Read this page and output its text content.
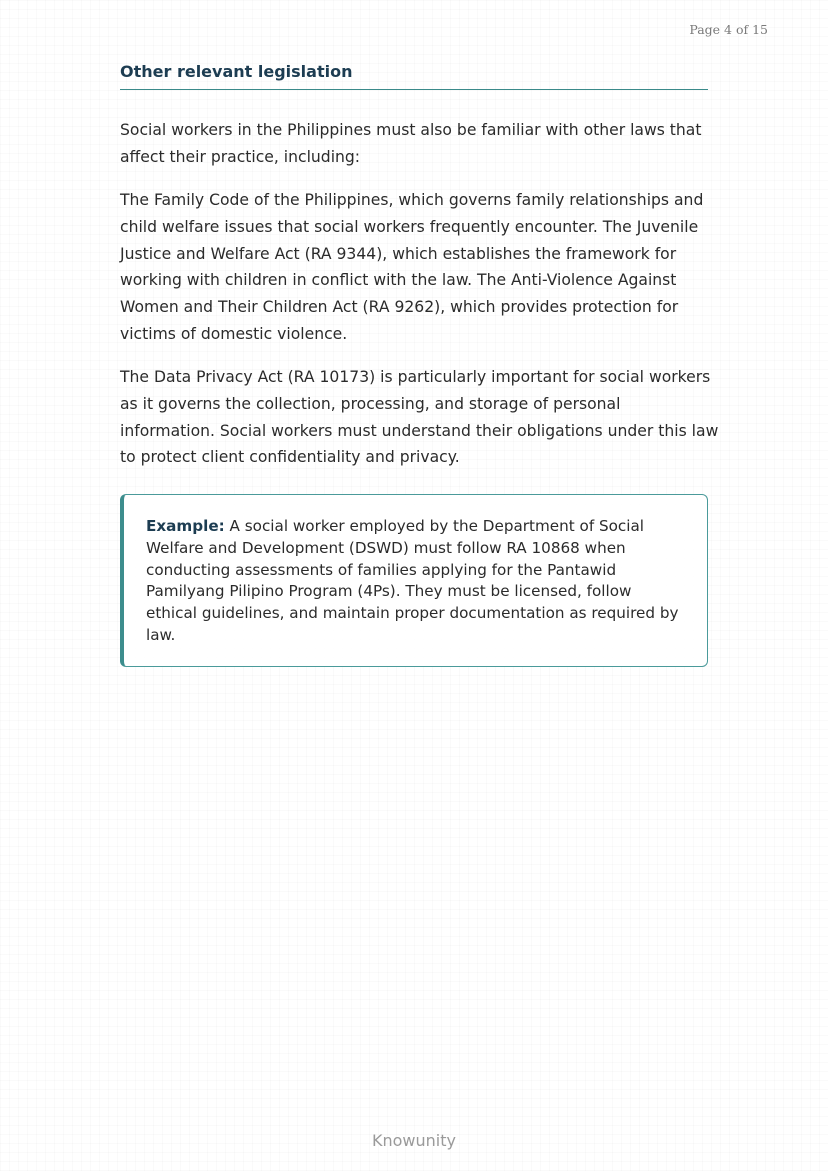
Page 4 of 15
Other relevant legislation

Social workers in the Philippines must also be familiar with other laws that affect their practice, including:

The Family Code of the Philippines, which governs family relationships and child welfare issues that social workers frequently encounter. The Juvenile Justice and Welfare Act (RA 9344), which establishes the framework for working with children in conflict with the law. The Anti-Violence Against Women and Their Children Act (RA 9262), which provides protection for victims of domestic violence.

The Data Privacy Act (RA 10173) is particularly important for social workers as it governs the collection, processing, and storage of personal information. Social workers must understand their obligations under this law to protect client confidentiality and privacy.

Example: A social worker employed by the Department of Social Welfare and Development (DSWD) must follow RA 10868 when conducting assessments of families applying for the Pantawid Pamilyang Pilipino Program (4Ps). They must be licensed, follow ethical guidelines, and maintain proper documentation as required by law.

Knowunity
